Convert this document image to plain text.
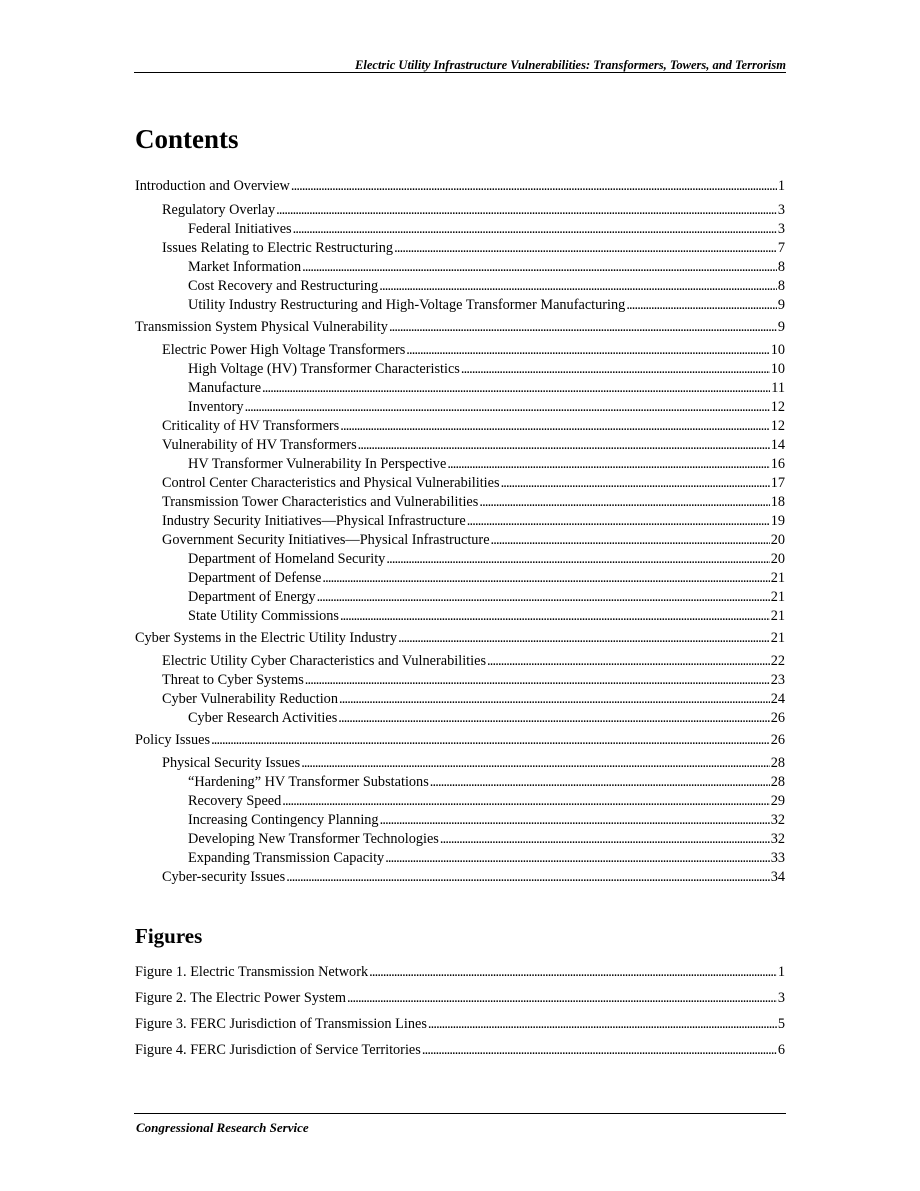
Electric Utility Infrastructure Vulnerabilities: Transformers, Towers, and Terrorism
Contents
Introduction and Overview . . .	1
Regulatory Overlay . . .	3
Federal Initiatives . . .	3
Issues Relating to Electric Restructuring . . .	7
Market Information . . .	8
Cost Recovery and Restructuring . . .	8
Utility Industry Restructuring and High-Voltage Transformer Manufacturing . . .	9
Transmission System Physical Vulnerability . . .	9
Electric Power High Voltage Transformers . . .	10
High Voltage (HV) Transformer Characteristics . . .	10
Manufacture . . .	11
Inventory . . .	12
Criticality of HV Transformers . . .	12
Vulnerability of HV Transformers . . .	14
HV Transformer Vulnerability In Perspective . . .	16
Control Center Characteristics and Physical Vulnerabilities . . .	17
Transmission Tower Characteristics and Vulnerabilities . . .	18
Industry Security Initiatives—Physical Infrastructure . . .	19
Government Security Initiatives—Physical Infrastructure . . .	20
Department of Homeland Security . . .	20
Department of Defense . . .	21
Department of Energy . . .	21
State Utility Commissions . . .	21
Cyber Systems in the Electric Utility Industry . . .	21
Electric Utility Cyber Characteristics and Vulnerabilities . . .	22
Threat to Cyber Systems . . .	23
Cyber Vulnerability Reduction . . .	24
Cyber Research Activities . . .	26
Policy Issues . . .	26
Physical Security Issues . . .	28
“Hardening” HV Transformer Substations . . .	28
Recovery Speed . . .	29
Increasing Contingency Planning . . .	32
Developing New Transformer Technologies . . .	32
Expanding Transmission Capacity . . .	33
Cyber-security Issues . . .	34
Figures
Figure 1. Electric Transmission Network . . .	1
Figure 2. The Electric Power System . . .	3
Figure 3. FERC Jurisdiction of Transmission Lines . . .	5
Figure 4. FERC Jurisdiction of Service Territories . . .	6
Congressional Research Service
